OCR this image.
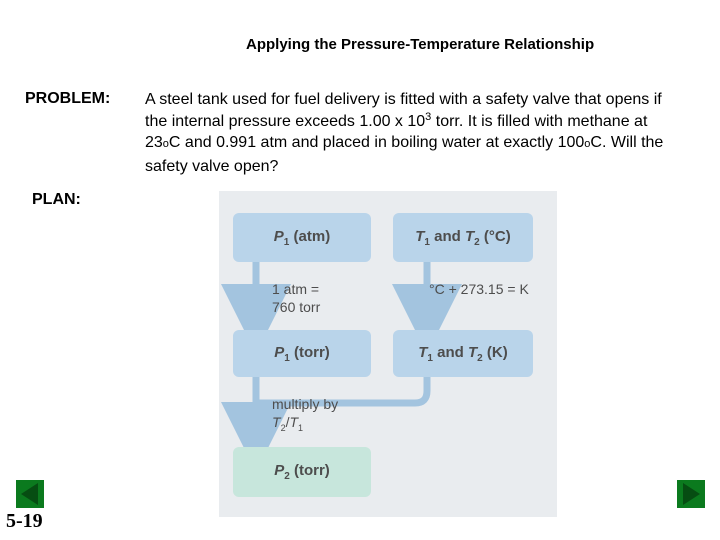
Applying the Pressure-Temperature Relationship
PROBLEM: A steel tank used for fuel delivery is fitted with a safety valve that opens if the internal pressure exceeds 1.00 x $10^3$ torr. It is filled with methane at 23oC and 0.991 atm and placed in boiling water at exactly 100oC. Will the safety valve open?
PLAN:
$P_1$ (atm)	$T_1$ and $T_2$ (°C)
1 atm =
760 torr
°C + 273.15 = K
$P_1$ (torr)	$T_1$ and $T_2$ (K)
multiply by
$T_2/T_1$
$P_2$ (torr)
5-19
